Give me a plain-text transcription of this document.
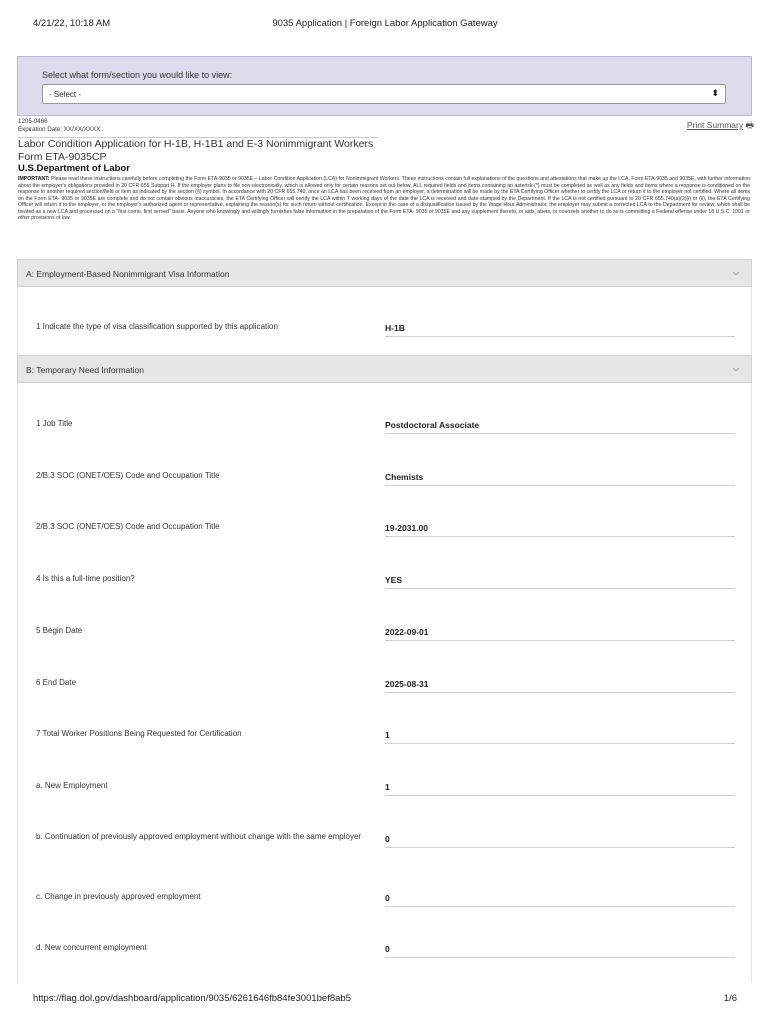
4/21/22, 10:18 AM	9035 Application | Foreign Labor Application Gateway
Select what form/section you would like to view:
- Select -	⬍
1205-0466
Expiration Date: XX/XX/XXXX	Print Summary 🖶
Labor Condition Application for H-1B, H-1B1 and E-3 Nonimmigrant Workers
Form ETA-9035CP
U.S.Department of Labor
IMPORTANT: Please read these instructions carefully before completing the Form ETA-9035 or 9035E – Labor Condition Application (LCA) for Nonimmigrant Workers. These instructions contain full explanations of the questions and attestations that make up the LCA, Form ETA-9035 and 9035E, with further information about the employer's obligations provided in 20 CFR 655 Subpart H. If the employer plans to file non-electronically, which is allowed only for certain reasons set out below, ALL required fields and items containing an asterisk (*) must be completed as well as any fields and items where a response is conditioned on the response to another required section/field or item as indicated by the section (§) symbol. In accordance with 20 CFR 655.740, once an LCA has been received from an employer, a determination will be made by the ETA Certifying Officer whether to certify the LCA or return it to the employer not certified. Where all items on the Form ETA- 9035 or 9035E are complete and do not contain obvious inaccuracies, the ETA Certifying Officer will certify the LCA within 7 working days of the date the LCA is received and date-stamped by the Department. If the LCA is not certified pursuant to 20 CFR 655.740(a)(2)(i) or (ii), the ETA Certifying Officer will return it to the employer, or the employer's authorized agent or representative, explaining the reason(s) for such return without certification. Except in the case of a disqualification issued by the Wage Hour Administrator, the employer may submit a corrected LCA to the Department for review, which shall be treated as a new LCA and processed on a "first come, first served" basis. Anyone who knowingly and willingly furnishes false information in the preparation of the Form ETA- 9035 or 9035E and any supplement thereto, or aids, abets, or counsels another to do so is committing a Federal offense under 18 U.S.C. 1001 or other provisions of law.
A: Employment-Based Nonimmigrant Visa Information	⌵
1 Indicate the type of visa classification supported by this application	H-1B
B: Temporary Need Information	⌵
1 Job Title	Postdoctoral Associate
2/B.3 SOC (ONET/OES) Code and Occupation Title	Chemists
2/B.3 SOC (ONET/OES) Code and Occupation Title	19-2031.00
4 Is this a full-time position?	YES
5 Begin Date	2022-09-01
6 End Date	2025-08-31
7 Total Worker Positions Being Requested for Certification	1
a. New Employment	1
b. Continuation of previously approved employment without change with the same employer	0
c. Change in previously approved employment	0
d. New concurrent employment	0
https://flag.dol.gov/dashboard/application/9035/6261646fb84fe3001bef8ab5	1/6
